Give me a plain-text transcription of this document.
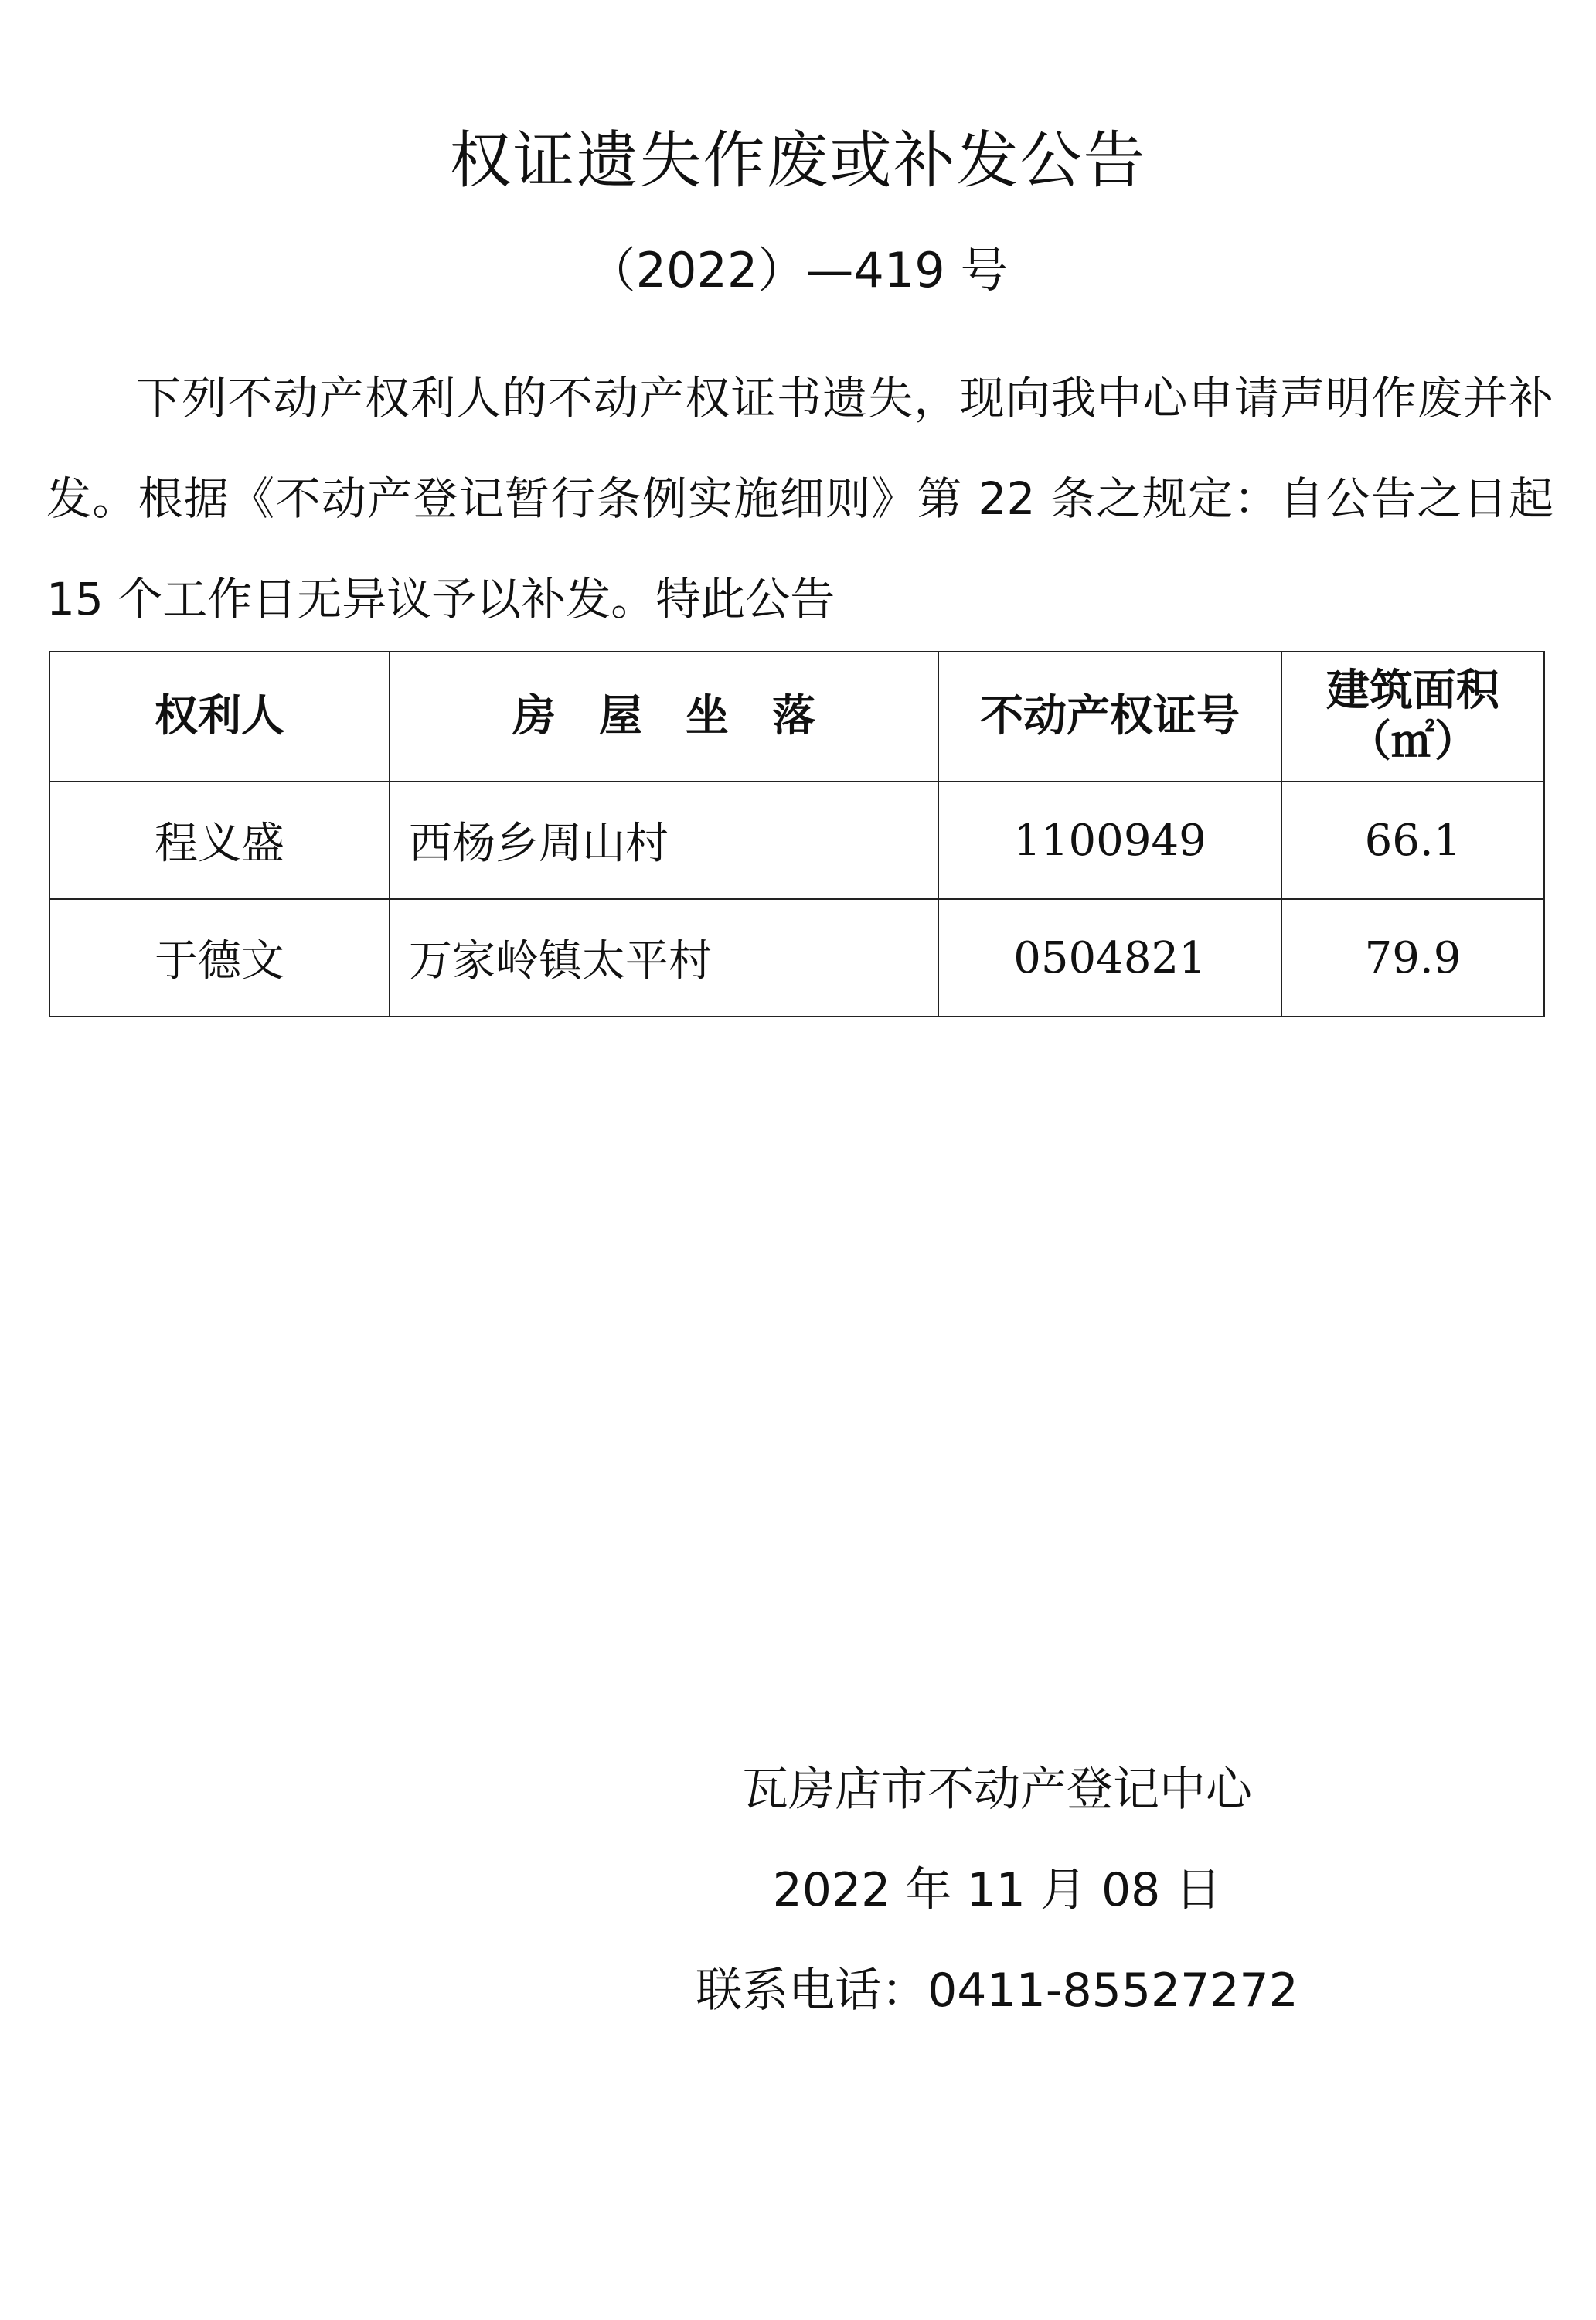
权证遗失作废或补发公告
（2022）—419 号

下列不动产权利人的不动产权证书遗失，现向我中心申请声明作废并补发。根据《不动产登记暂行条例实施细则》第 22 条之规定：自公告之日起 15 个工作日无异议予以补发。特此公告

权利人	房　屋　坐　落	不动产权证号	建筑面积
（㎡）

程义盛	西杨乡周山村	1100949	66.1
于德文	万家岭镇太平村	0504821	79.9
瓦房店市不动产登记中心
2022 年 11 月 08 日
联系电话：0411-85527272
